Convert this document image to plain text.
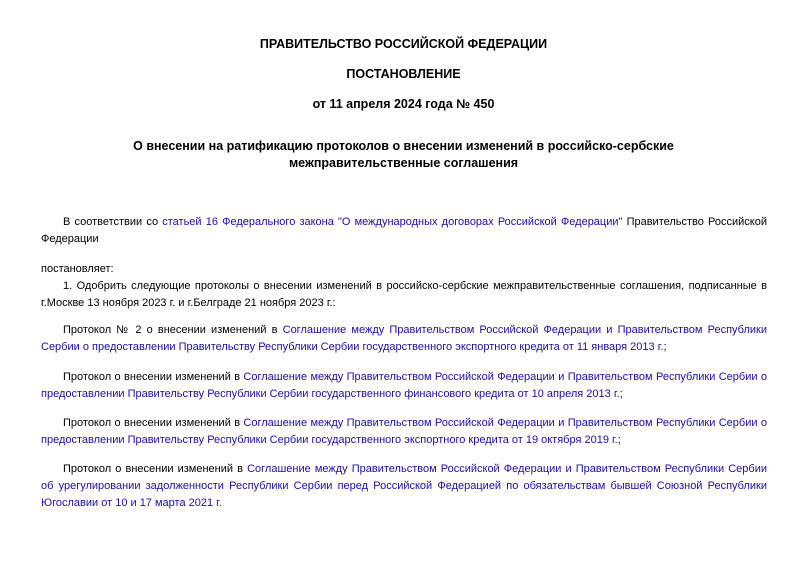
ПРАВИТЕЛЬСТВО РОССИЙСКОЙ ФЕДЕРАЦИИ
ПОСТАНОВЛЕНИЕ
от 11 апреля 2024 года № 450
О внесении на ратификацию протоколов о внесении изменений в российско-сербские
межправительственные соглашения
В соответствии со статьей 16 Федерального закона "О международных договорах Российской Федерации" Правительство Российской Федерации
постановляет:
1. Одобрить следующие протоколы о внесении изменений в российско-сербские межправительственные соглашения, подписанные в г.Москве 13 ноября 2023 г. и г.Белграде 21 ноября 2023 г.:
Протокол № 2 о внесении изменений в Соглашение между Правительством Российской Федерации и Правительством Республики Сербии о предоставлении Правительству Республики Сербии государственного экспортного кредита от 11 января 2013 г.;
Протокол о внесении изменений в Соглашение между Правительством Российской Федерации и Правительством Республики Сербии о предоставлении Правительству Республики Сербии государственного финансового кредита от 10 апреля 2013 г.;
Протокол о внесении изменений в Соглашение между Правительством Российской Федерации и Правительством Республики Сербии о предоставлении Правительству Республики Сербии государственного экспортного кредита от 19 октября 2019 г.;
Протокол о внесении изменений в Соглашение между Правительством Российской Федерации и Правительством Республики Сербии об урегулировании задолженности Республики Сербии перед Российской Федерацией по обязательствам бывшей Союзной Республики Югославии от 10 и 17 марта 2021 г.
